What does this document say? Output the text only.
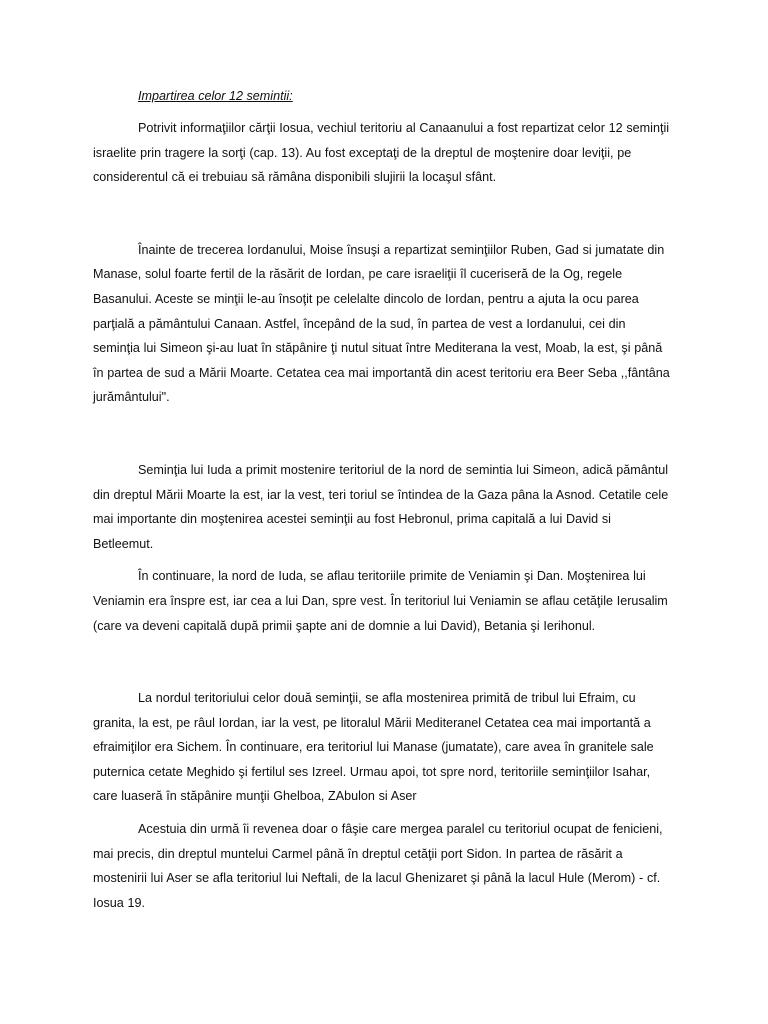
Impartirea celor 12 semintii:

Potrivit informaţiilor cărţii Iosua, vechiul teritoriu al Canaanului a fost repartizat celor 12 seminţii israelite prin tragere la sorţi (cap. 13). Au fost exceptaţi de la dreptul de moştenire doar leviţii, pe considerentul că ei trebuiau să rămâna disponibili slujirii la locaşul sfânt.

Înainte de trecerea Iordanului, Moise însuşi a repartizat seminţiilor Ruben, Gad si jumatate din Manase, solul foarte fertil de la răsărit de Iordan, pe care israeliţii îl cuceriseră de la Og, regele Basanului. Aceste se minţii le-au însoţit pe celelalte dincolo de Iordan, pentru a ajuta la ocu parea parţială a pământului Canaan. Astfel, începând de la sud, în partea de vest a Iordanului, cei din seminţia lui Simeon şi-au luat în stăpânire ţi nutul situat între Mediterana la vest, Moab, la est, şi până în partea de sud a Mării Moarte. Cetatea cea mai importantă din acest teritoriu era Beer Seba ,,fântâna jurământului".

Seminţia lui Iuda a primit mostenire teritoriul de la nord de semintia lui Simeon, adică pământul din dreptul Mării Moarte la est, iar la vest, teri toriul se întindea de la Gaza pâna la Asnod. Cetatile cele mai importante din moştenirea acestei seminţii au fost Hebronul, prima capitală a lui David si Betleemut.

În continuare, la nord de Iuda, se aflau teritoriile primite de Veniamin şi Dan. Moştenirea lui Veniamin era înspre est, iar cea a lui Dan, spre vest. În teritoriul lui Veniamin se aflau cetăţile Ierusalim (care va deveni capitală după primii şapte ani de domnie a lui David), Betania şi Ierihonul.

La nordul teritoriului celor două seminţii, se afla mostenirea primită de tribul lui Efraim, cu granita, la est, pe râul Iordan, iar la vest, pe litoralul Mării Mediteranel Cetatea cea mai importantă a efraimiţilor era Sichem. În continuare, era teritoriul lui Manase (jumatate), care avea în granitele sale puternica cetate Meghido şi fertilul ses Izreel. Urmau apoi, tot spre nord, teritoriile seminţiilor Isahar, care luaseră în stăpânire munţii Ghelboa, ZAbulon si Aser

Acestuia din urmă îi revenea doar o fâşie care mergea paralel cu teritoriul ocupat de fenicieni, mai precis, din dreptul muntelui Carmel până în dreptul cetăţii port Sidon. In partea de răsărit a mostenirii lui Aser se afla teritoriul lui Neftali, de la lacul Ghenizaret şi până la lacul Hule (Merom) - cf. Iosua 19.
